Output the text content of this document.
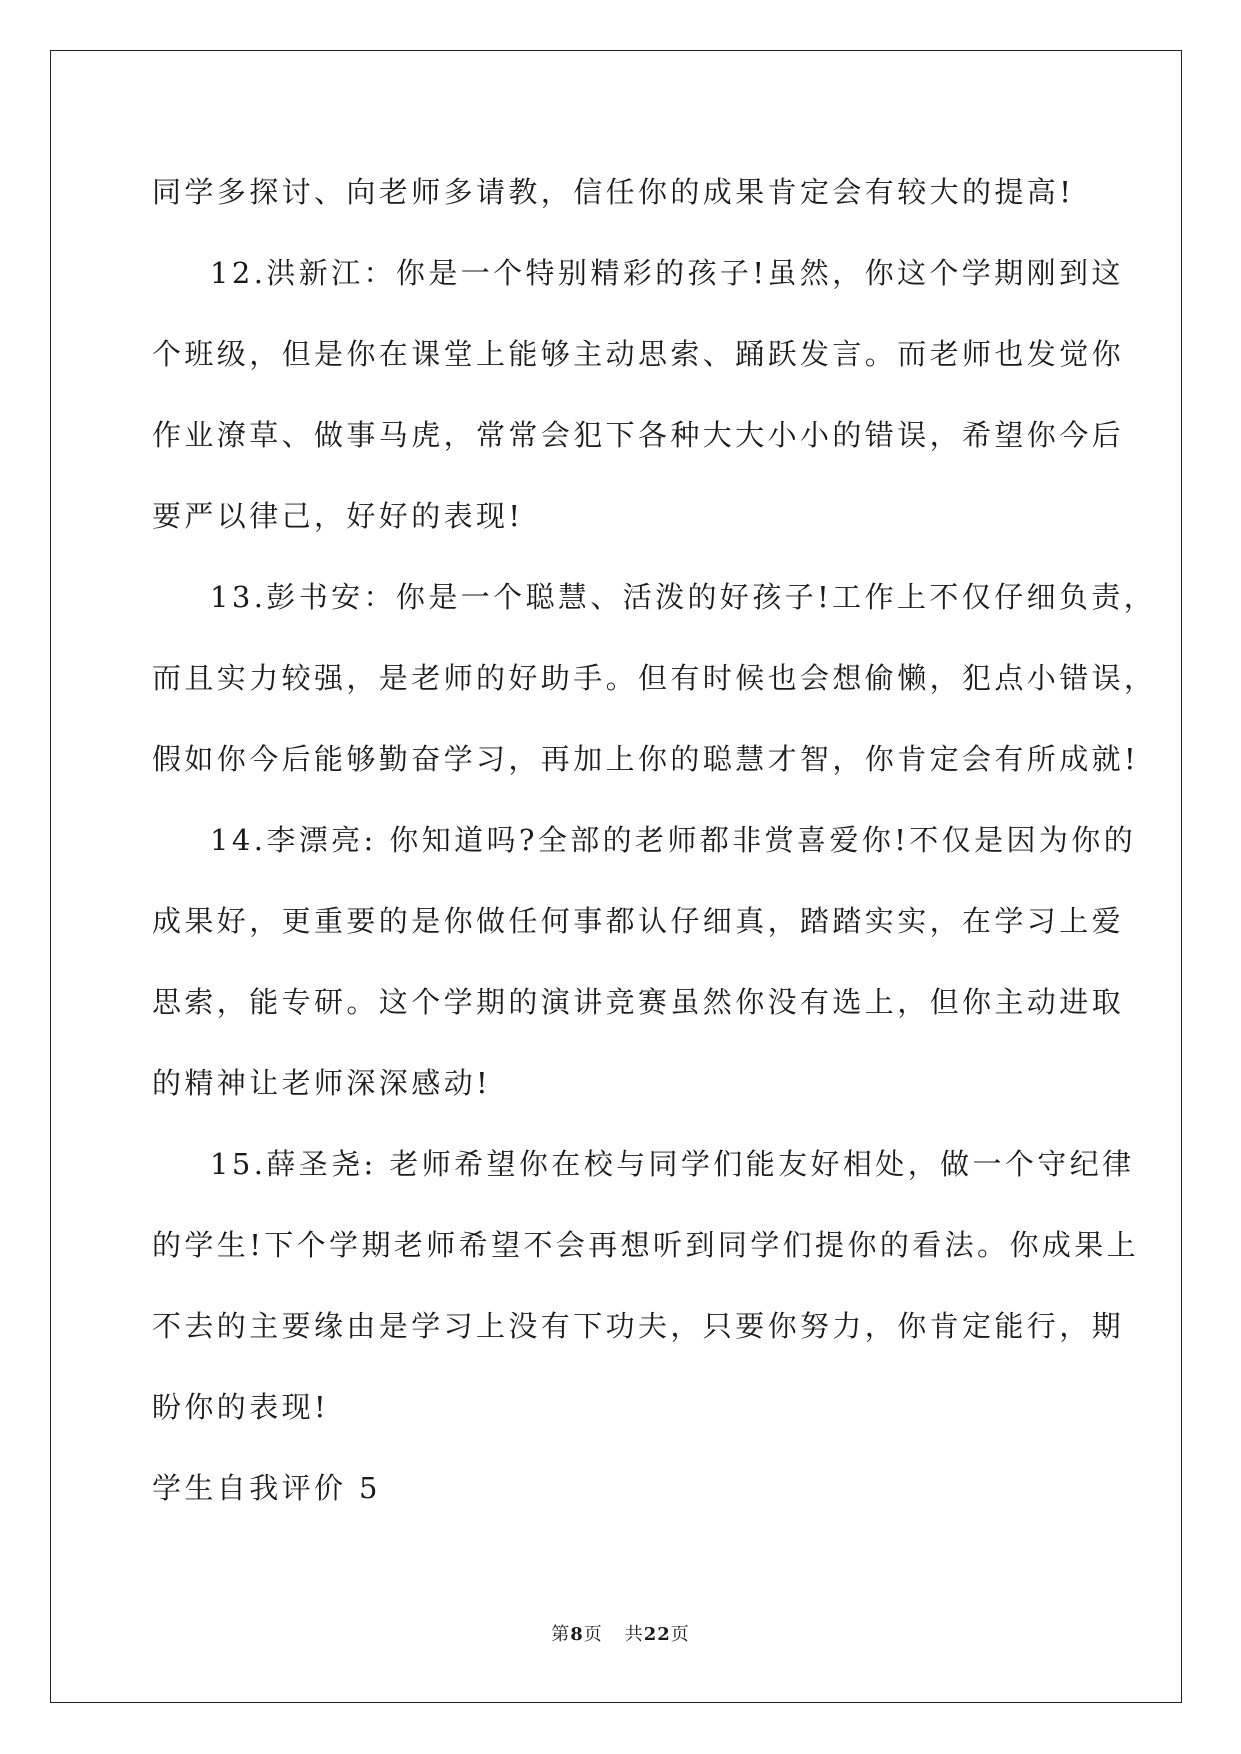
同学多探讨、向老师多请教，信任你的成果肯定会有较大的提高!
12.洪新江：你是一个特别精彩的孩子!虽然，你这个学期刚到这
个班级，但是你在课堂上能够主动思索、踊跃发言。而老师也发觉你
作业潦草、做事马虎，常常会犯下各种大大小小的错误，希望你今后
要严以律己，好好的表现!
13.彭书安：你是一个聪慧、活泼的好孩子!工作上不仅仔细负责，
而且实力较强，是老师的好助手。但有时候也会想偷懒，犯点小错误，
假如你今后能够勤奋学习，再加上你的聪慧才智，你肯定会有所成就!
14.李漂亮: 你知道吗?全部的老师都非赏喜爱你!不仅是因为你的
成果好，更重要的是你做任何事都认仔细真，踏踏实实，在学习上爱
思索，能专研。这个学期的演讲竞赛虽然你没有选上，但你主动进取
的精神让老师深深感动!
15.薛圣尧: 老师希望你在校与同学们能友好相处，做一个守纪律
的学生!下个学期老师希望不会再想听到同学们提你的看法。你成果上
不去的主要缘由是学习上没有下功夫，只要你努力，你肯定能行，期
盼你的表现!
学生自我评价 5
第8页 共22页
